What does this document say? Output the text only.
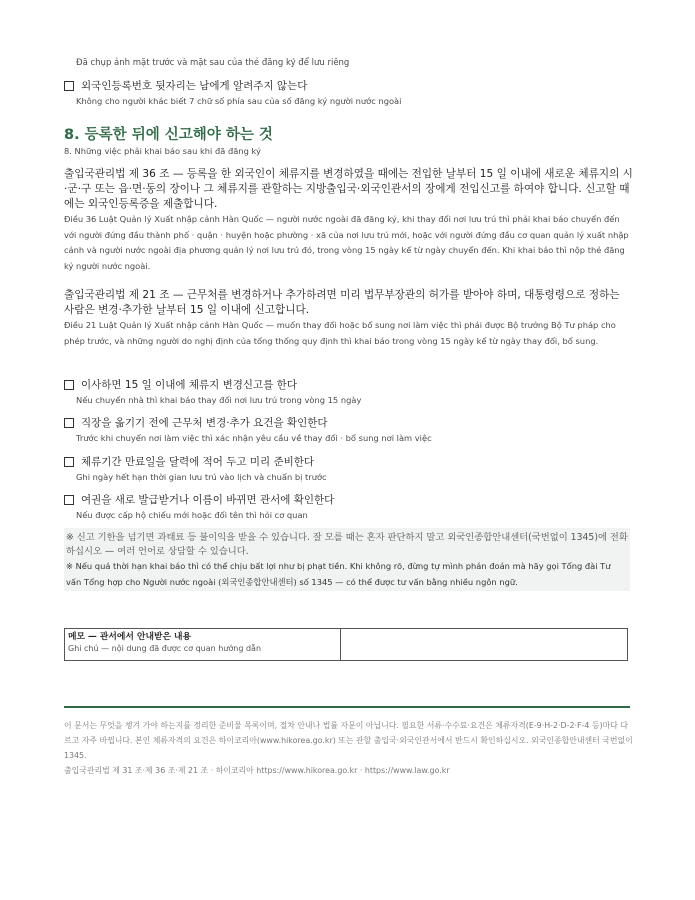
Đã chụp ảnh mặt trước và mặt sau của thẻ đăng ký để lưu riêng
외국인등록번호 뒷자리는 남에게 알려주지 않는다
Không cho người khác biết 7 chữ số phía sau của số đăng ký người nước ngoài
8. 등록한 뒤에 신고해야 하는 것
8. Những việc phải khai báo sau khi đã đăng ký
출입국관리법 제 36 조 — 등록을 한 외국인이 체류지를 변경하였을 때에는 전입한 날부터 15 일 이내에 새로운 체류지의 시·군·구 또는 읍·면·동의 장이나 그 체류지를 관할하는 지방출입국·외국인관서의 장에게 전입신고를 하여야 합니다. 신고할 때에는 외국인등록증을 제출합니다.
Điều 36 Luật Quản lý Xuất nhập cảnh Hàn Quốc — người nước ngoài đã đăng ký, khi thay đổi nơi lưu trú thì phải khai báo chuyển đến với người đứng đầu thành phố · quận · huyện hoặc phường · xã của nơi lưu trú mới, hoặc với người đứng đầu cơ quan quản lý xuất nhập cảnh và người nước ngoài địa phương quản lý nơi lưu trú đó, trong vòng 15 ngày kể từ ngày chuyển đến. Khi khai báo thì nộp thẻ đăng ký người nước ngoài.
출입국관리법 제 21 조 — 근무처를 변경하거나 추가하려면 미리 법무부장관의 허가를 받아야 하며, 대통령령으로 정하는 사람은 변경·추가한 날부터 15 일 이내에 신고합니다.
Điều 21 Luật Quản lý Xuất nhập cảnh Hàn Quốc — muốn thay đổi hoặc bổ sung nơi làm việc thì phải được Bộ trưởng Bộ Tư pháp cho phép trước, và những người do nghị định của tổng thống quy định thì khai báo trong vòng 15 ngày kể từ ngày thay đổi, bổ sung.
이사하면 15 일 이내에 체류지 변경신고를 한다
Nếu chuyển nhà thì khai báo thay đổi nơi lưu trú trong vòng 15 ngày
직장을 옮기기 전에 근무처 변경·추가 요건을 확인한다
Trước khi chuyển nơi làm việc thì xác nhận yêu cầu về thay đổi · bổ sung nơi làm việc
체류기간 만료일을 달력에 적어 두고 미리 준비한다
Ghi ngày hết hạn thời gian lưu trú vào lịch và chuẩn bị trước
여권을 새로 발급받거나 이름이 바뀌면 관서에 확인한다
Nếu được cấp hộ chiếu mới hoặc đổi tên thì hỏi cơ quan
※ 신고 기한을 넘기면 과태료 등 불이익을 받을 수 있습니다. 잘 모를 때는 혼자 판단하지 말고 외국인종합안내센터(국번없이 1345)에 전화하십시오 — 여러 언어로 상담할 수 있습니다.
※ Nếu quá thời hạn khai báo thì có thể chịu bất lợi như bị phạt tiền. Khi không rõ, đừng tự mình phán đoán mà hãy gọi Tổng đài Tư vấn Tổng hợp cho Người nước ngoài (외국인종합안내센터) số 1345 — có thể được tư vấn bằng nhiều ngôn ngữ.
메모 — 관서에서 안내받은 내용
Ghi chú — nội dung đã được cơ quan hướng dẫn
이 문서는 무엇을 챙겨 가야 하는지를 정리한 준비물 목록이며, 절차 안내나 법률 자문이 아닙니다. 필요한 서류·수수료·요건은 체류자격(E-9·H-2·D-2·F-4 등)마다 다르고 자주 바뀝니다. 본인 체류자격의 요건은 하이코리아(www.hikorea.go.kr) 또는 관할 출입국·외국인관서에서 반드시 확인하십시오. 외국인종합안내센터 국번없이 1345.
출입국관리법 제 31 조·제 36 조·제 21 조 · 하이코리아 https://www.hikorea.go.kr · https://www.law.go.kr
